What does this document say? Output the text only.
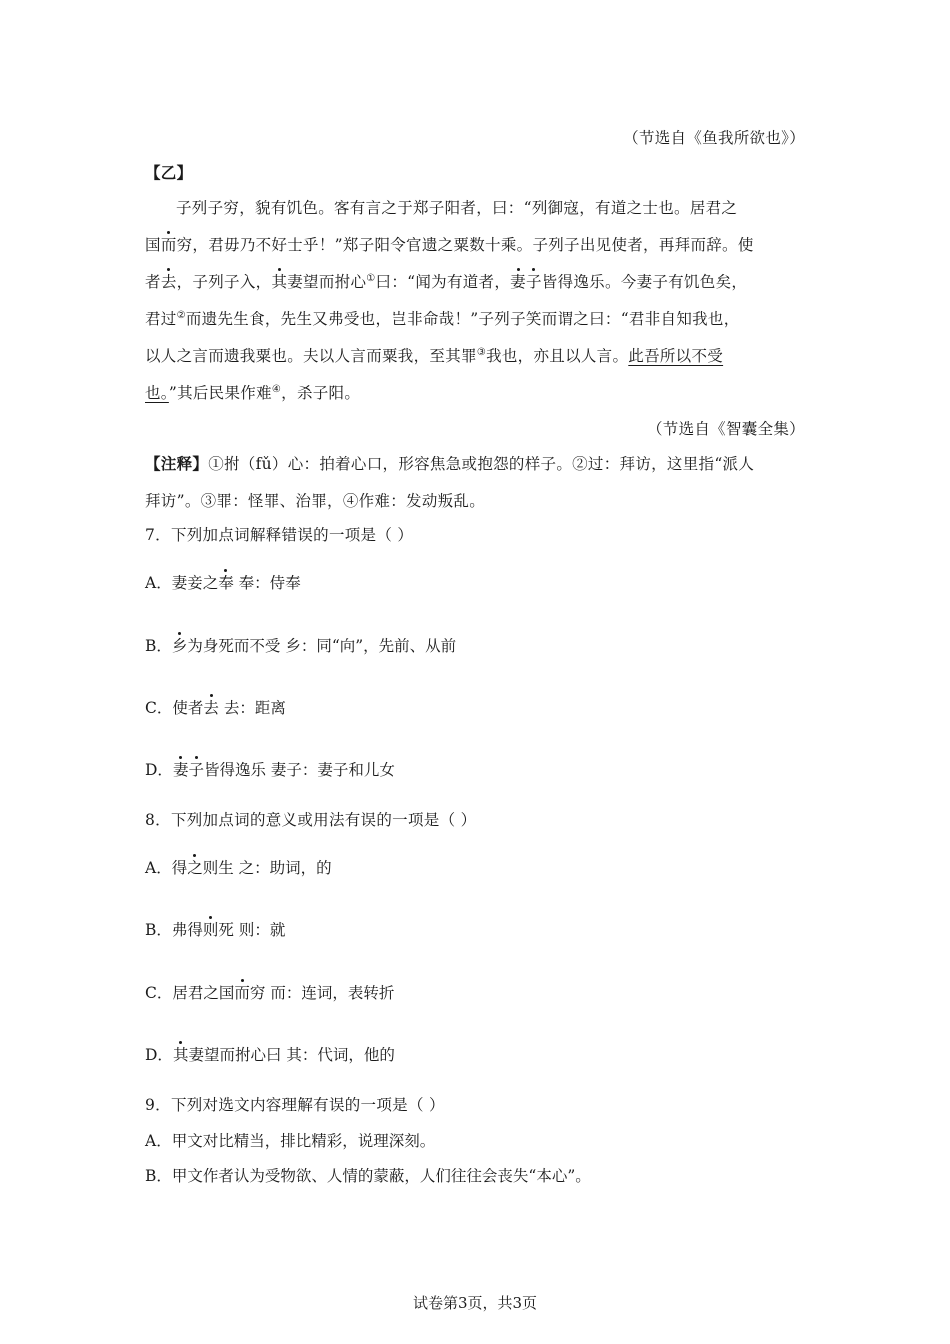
（节选自《鱼我所欲也》）
【乙】
子列子穷，貌有饥色。客有言之于郑子阳者，曰：“列御寇，有道之士也。居君之
国而穷，君毋乃不好士乎！”郑子阳令官遗之粟数十乘。子列子出见使者，再拜而辞。使
者去，子列子入，其妻望而拊心①曰：“闻为有道者，妻子皆得逸乐。今妻子有饥色矣，
君过②而遗先生食，先生又弗受也，岂非命哉！”子列子笑而谓之曰：“君非自知我也，
以人之言而遗我粟也。夫以人言而粟我，至其罪③我也，亦且以人言。此吾所以不受
也。”其后民果作难④，杀子阳。
（节选自《智囊全集）
【注释】①拊（fǔ）心：拍着心口，形容焦急或抱怨的样子。②过：拜访，这里指“派人
拜访”。③罪：怪罪、治罪，④作难：发动叛乱。
7．下列加点词解释错误的一项是（ ）
A．妻妾之奉 奉：侍奉
B．乡为身死而不受 乡：同“向”，先前、从前
C．使者去 去：距离
D．妻子皆得逸乐 妻子：妻子和儿女
8．下列加点词的意义或用法有误的一项是（ ）
A．得之则生 之：助词，的
B．弗得则死 则：就
C．居君之国而穷 而：连词，表转折
D．其妻望而拊心曰 其：代词，他的
9．下列对选文内容理解有误的一项是（ ）
A．甲文对比精当，排比精彩，说理深刻。
B．甲文作者认为受物欲、人情的蒙蔽，人们往往会丧失“本心”。
试卷第3页，共3页
